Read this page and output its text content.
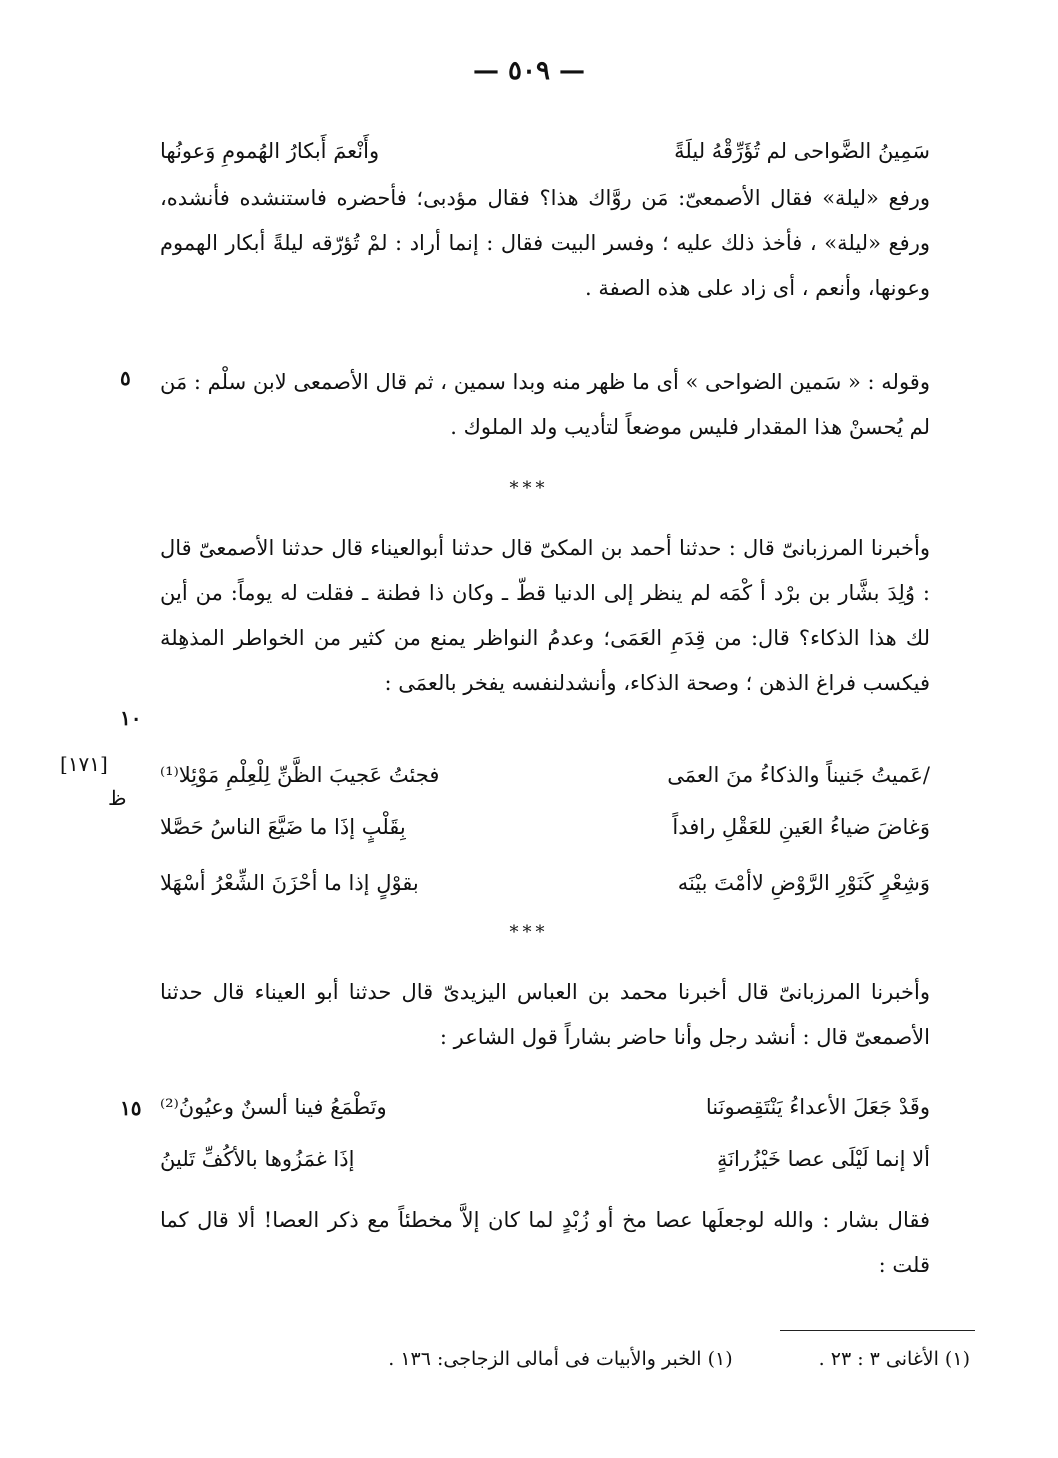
— ٥٠٩ —
سَمِينُ الضَّواحى لم تُؤَرِّقْهُ ليلَةً
وأَنْعمَ أَبكارُ الهُمومِ وَعونُها

ورفع «ليلة» فقال الأصمعىّ: مَن روَّاك هذا؟ فقال مؤدبى؛ فأحضره فاستنشده فأنشده، ورفع «ليلة» ، فأخذ ذلك عليه ؛ وفسر البيت فقال : إنما أراد : لمْ تُؤرّقه ليلةً أبكار الهموم وعونها، وأنعم ، أى زاد على هذه الصفة .

٥ وقوله : « سَمين الضواحى » أى ما ظهر منه وبدا سمين ، ثم قال الأصمعى لابن سلْم : مَن لم يُحسنْ هذا المقدار فليس موضعاً لتأديب ولد الملوك .

***

وأخبرنا المرزبانىّ قال : حدثنا أحمد بن المكىّ قال حدثنا أبوالعيناء قال حدثنا الأصمعىّ قال : وُلِدَ بشَّار بن برْد أ كْمَه لم ينظر إلى الدنيا قطّ ـ وكان ذا فطنة ـ فقلت له يوماً: من أين لك هذا الذكاء؟ قال: من قِدَمِ العَمَى؛ وعدمُ النواظر يمنع من كثير من الخواطر المذهِلة فيكسب فراغ الذهن ؛ وصحة الذكاء، وأنشدلنفسه يفخر بالعمَى :

١٠
[١٧١]
ظ
/عَميتُ جَنيناً والذكاءُ منَ العمَى
فجئتُ عَجيبَ الظَّنِّ لِلْعِلْمِ مَوْئِلا⁽¹⁾
وَغاضَ ضياءُ العَينِ للعَقْلِ رافداً
بِقَلْبٍ إذَا ما ضَيَّعَ الناسُ حَصَّلا
وَشِعْرٍ كَنَوْرِ الرَّوْضِ لاأمْتَ بيْنَه
بقوْلٍ إذا ما أحْزَنَ الشِّعْرُ أسْهَلا
***

وأخبرنا المرزبانىّ قال أخبرنا محمد بن العباس اليزيدىّ قال حدثنا أبو العيناء قال حدثنا الأصمعىّ قال : أنشد رجل وأنا حاضر بشاراً قول الشاعر :

١٥	وقَدْ جَعَلَ الأعداءُ يَنْتَقِصونَنا
وتَطْمَعُ فينا ألسنٌ وعيُونُ⁽²⁾
ألا إنما لَيْلَى عصا خَيْزُرانَةٍ
إذَا غمَزُوها بالأكُفِّ تَلينُ

فقال بشار : والله لوجعلَها عصا مخ أو زُبْدٍ لما كان إلاَّ مخطئاً مع ذكر العصا! ألا قال كما قلت :

(١) الأغانى ٣ : ٢٣ . (١) الخبر والأبيات فى أمالى الزجاجى: ١٣٦ .
